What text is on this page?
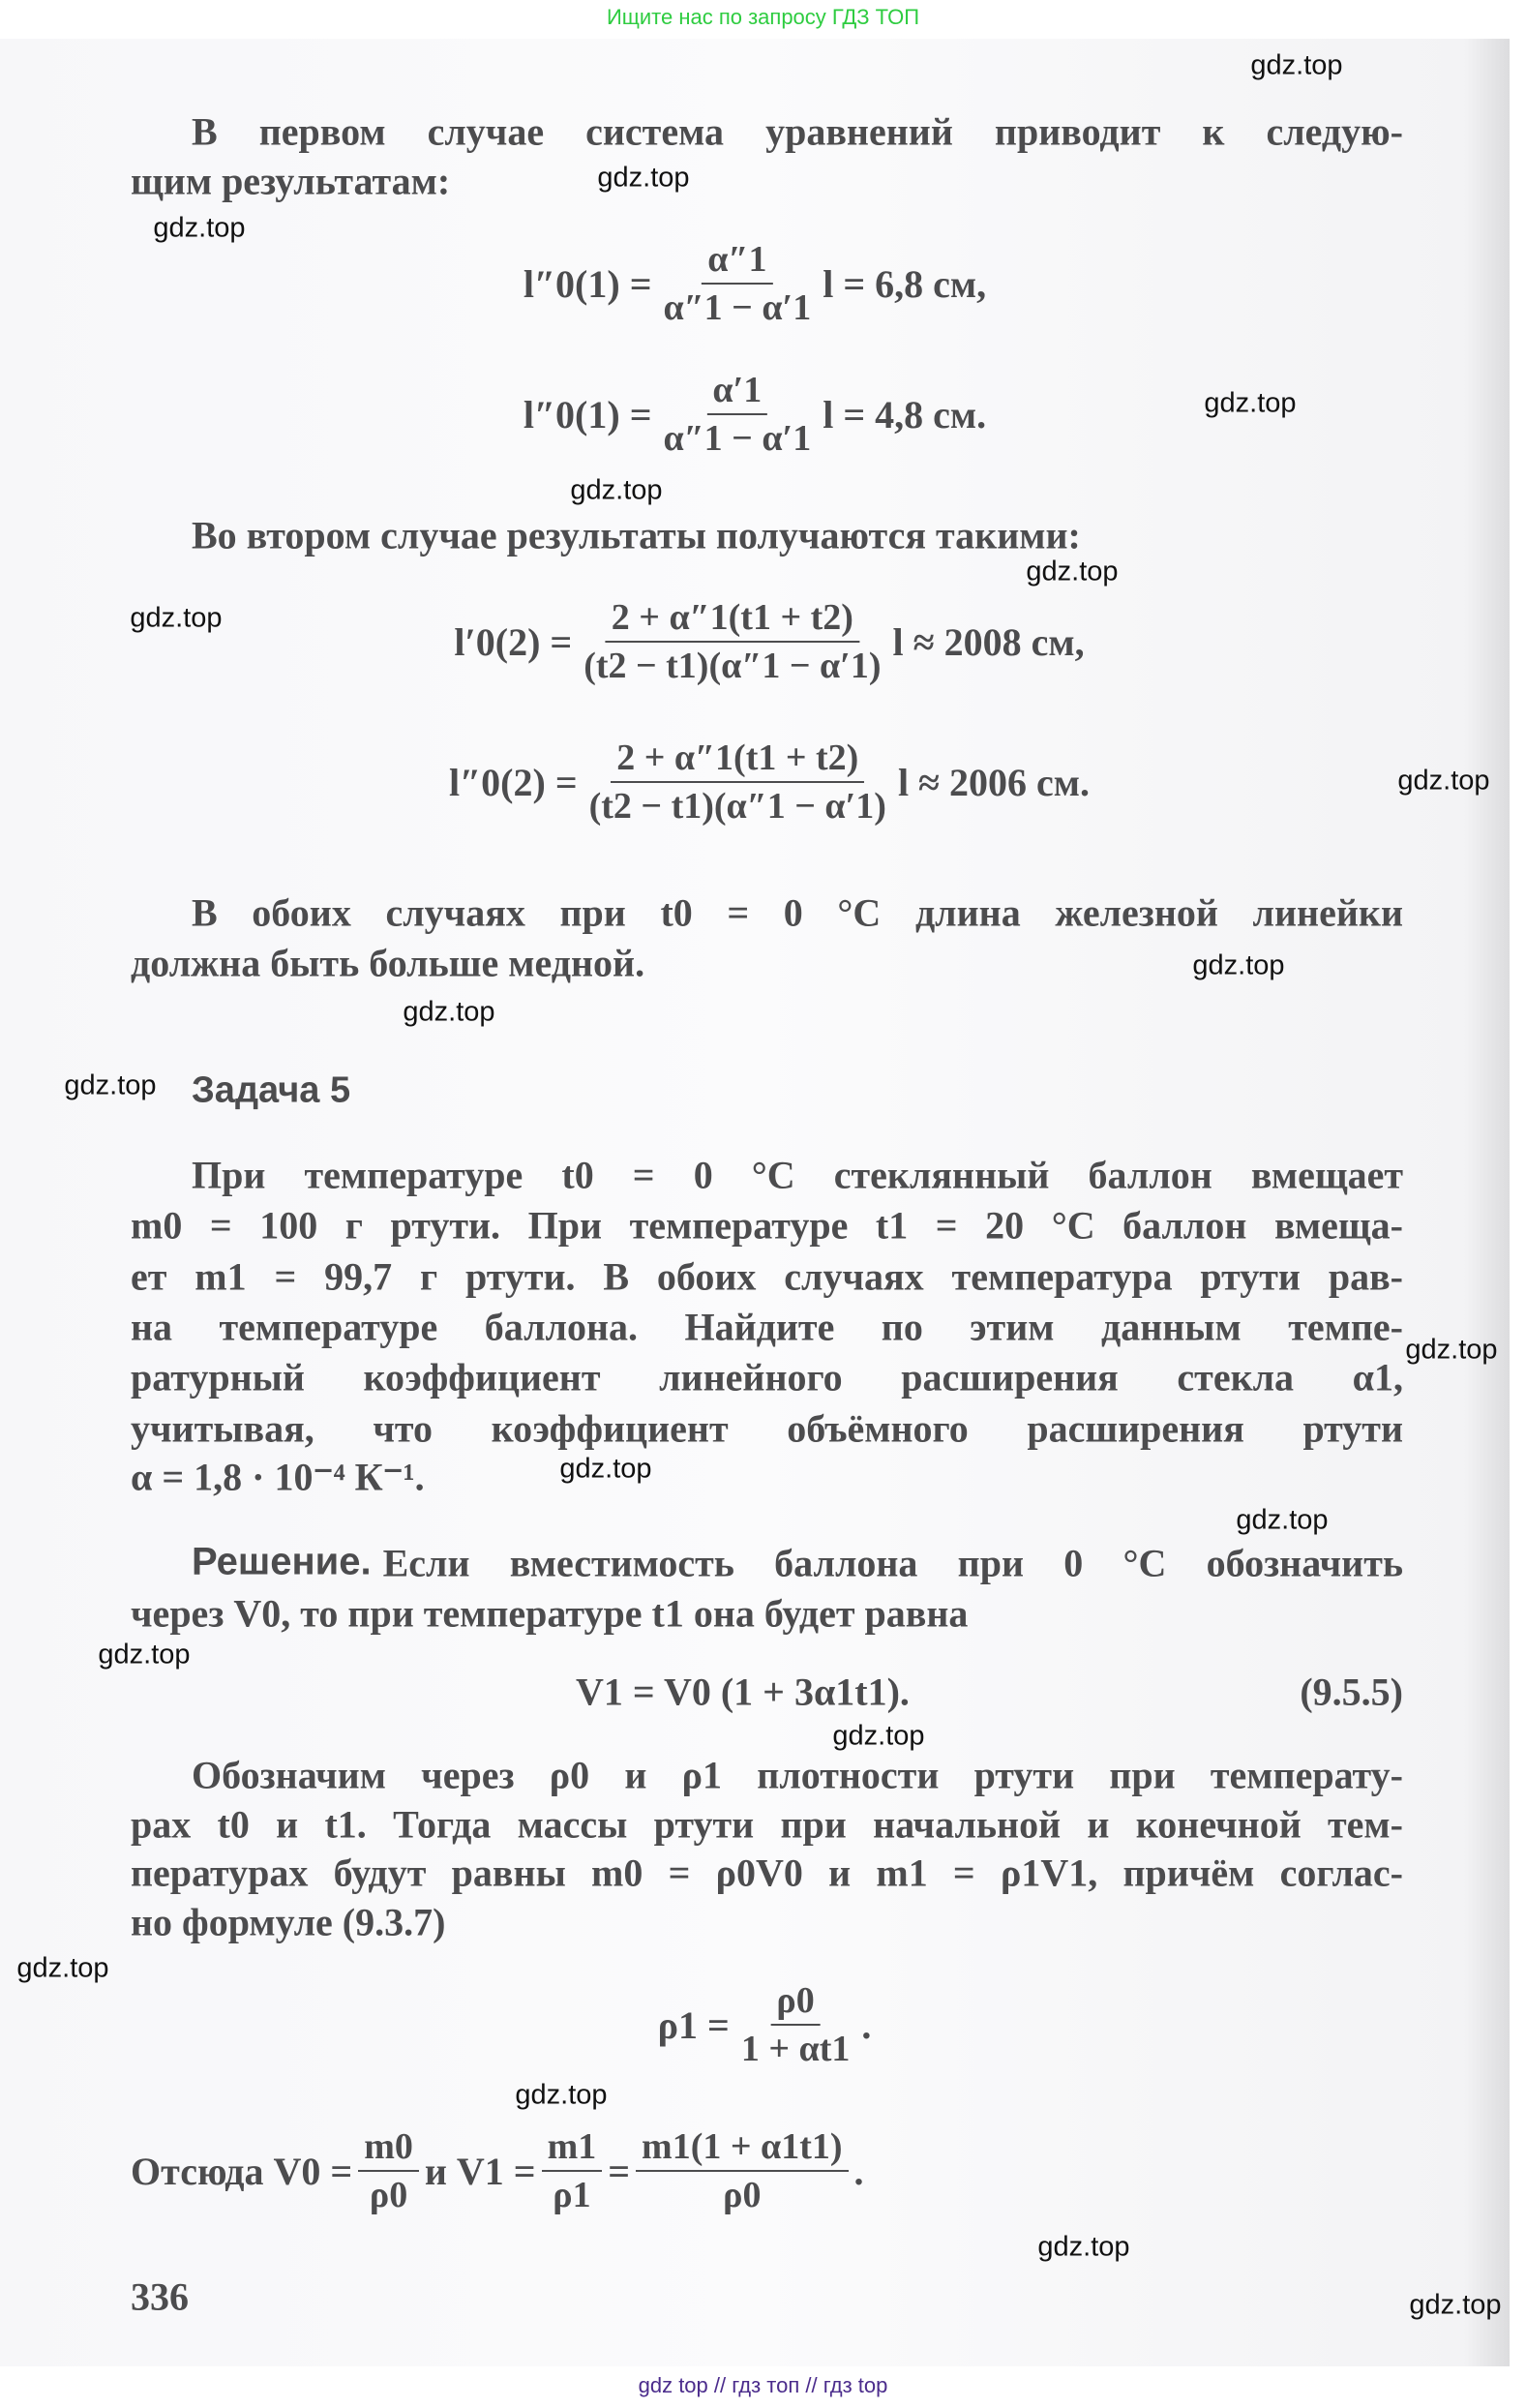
Ищите нас по запросу ГДЗ ТОП
В первом случае система уравнений приводит к следую-
щим результатам:
$l''0(1) = \frac{\alpha''1}{\alpha''1 - \alpha'1}$ l = 6,8 см,
$l''0(1) = \frac{\alpha'1}{\alpha''1 - \alpha'1}$ l = 4,8 см.
Во втором случае результаты получаются такими:
$l'0(2) = \frac{2 + \alpha''1(t1 + t2)}{(t2 - t1)(\alpha''1 - \alpha'1)}$ l ≈ 2008 см,
$l''0(2) = \frac{2 + \alpha''1(t1 + t2)}{(t2 - t1)(\alpha''1 - \alpha'1)}$ l ≈ 2006 см.
В обоих случаях при t0 = 0 °С длина железной линейки
должна быть больше медной.
Задача 5
При температуре t0 = 0 °С стеклянный баллон вмещает
m0 = 100 г ртути. При температуре t1 = 20 °С баллон вмеща-
ет m1 = 99,7 г ртути. В обоих случаях температура ртути рав-
на температуре баллона. Найдите по этим данным темпе-
ратурный коэффициент линейного расширения стекла α1,
учитывая, что коэффициент объёмного расширения ртути
α = 1,8 · 10⁻⁴ К⁻¹.
Решение. Если вместимость баллона при 0 °С обозначить
через V0, то при температуре t1 она будет равна
V1 = V0 (1 + 3α1t1).	(9.5.5)
Обозначим через ρ0 и ρ1 плотности ртути при температу-
рах t0 и t1. Тогда массы ртути при начальной и конечной тем-
пературах будут равны m0 = ρ0V0 и m1 = ρ1V1, причём соглас-
но формуле (9.3.7)
$\rho 1 = \frac{\rho 0}{1 + \alpha t1}$ .
Отсюда $V0 = \frac{m0}{\rho 0}$ и $V1 = \frac{m1}{\rho 1} = \frac{m1(1 + \alpha 1t1)}{\rho 0}$ .
336
gdz.top
gdz.top
gdz.top
gdz.top
gdz.top
gdz.top
gdz.top
gdz.top
gdz.top
gdz.top
gdz.top
gdz.top
gdz.top
gdz.top
gdz.top
gdz.top
gdz.top
gdz.top
gdz.top
gdz.top
gdz top // гдз топ // гдз top
